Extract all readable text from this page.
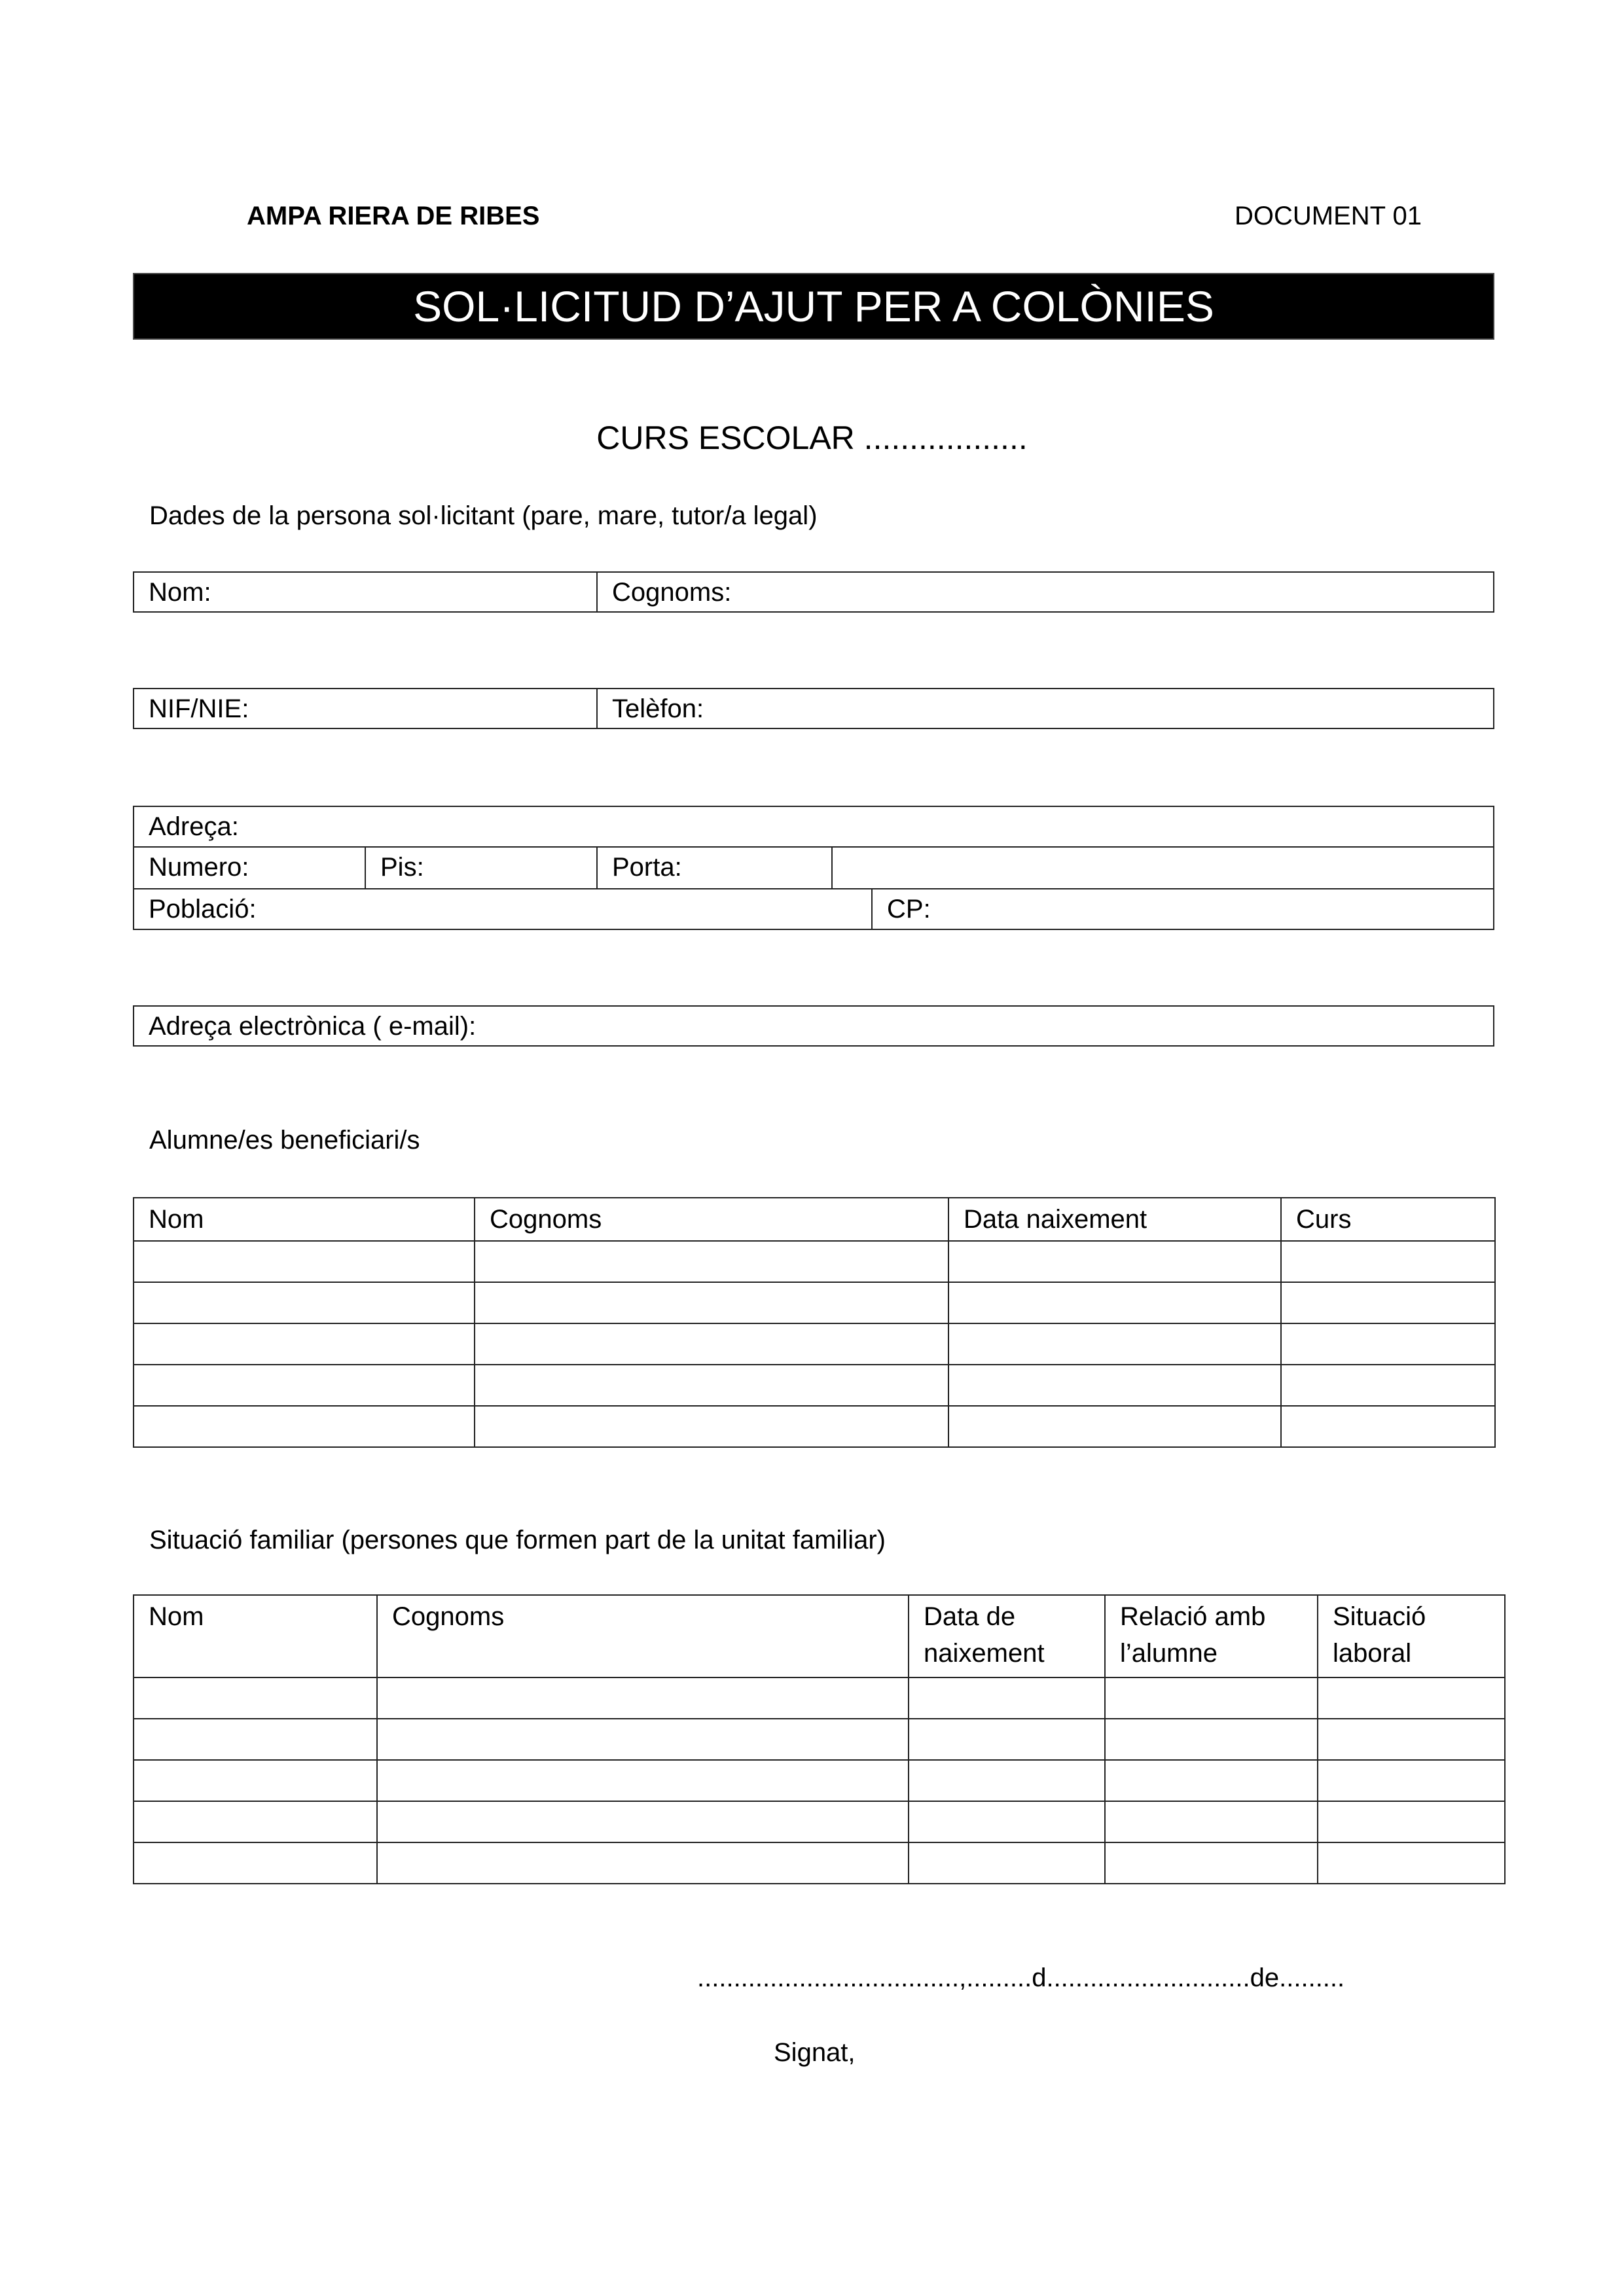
AMPA RIERA DE RIBES	DOCUMENT 01
SOL·LICITUD D’AJUT PER A COLÒNIES
CURS ESCOLAR ..................
Dades de la persona sol·licitant (pare, mare, tutor/a legal)
Nom:	Cognoms:
NIF/NIE:	Telèfon:
Adreça:
Numero:	Pis:	Porta:
Població:	CP:
Adreça electrònica ( e-mail):
Alumne/es beneficiari/s
Nom	Cognoms	Data naixement	Curs

Situació familiar (persones que formen part de la unitat familiar)
Nom	Cognoms	Data de naixement	Relació amb l’alumne	Situació laboral

....................................,.........d............................de.........
Signat,
